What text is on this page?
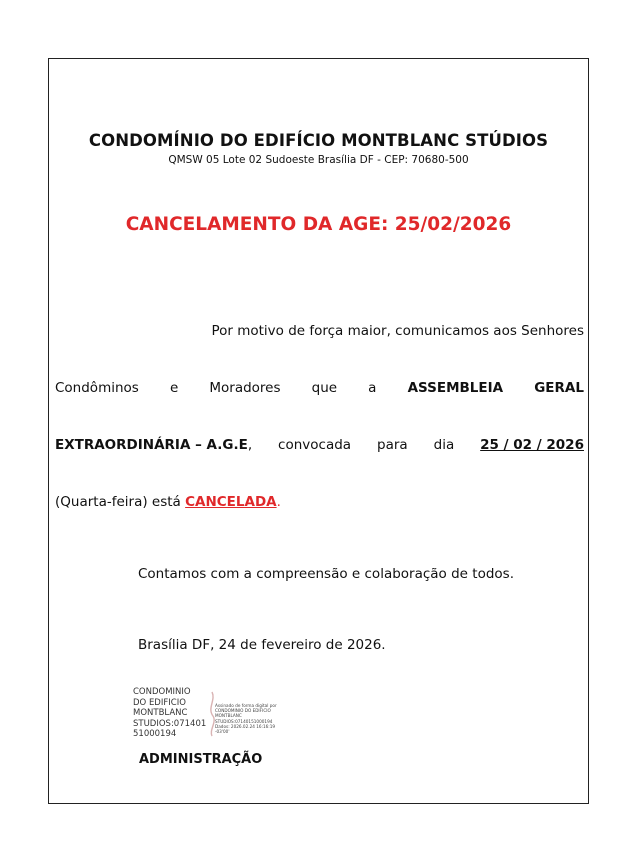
CONDOMÍNIO DO EDIFÍCIO MONTBLANC STÚDIOS
QMSW 05 Lote 02 Sudoeste Brasília DF - CEP: 70680-500
CANCELAMENTO DA AGE: 25/02/2026
Por motivo de força maior, comunicamos aos Senhores
Condôminos e Moradores que a ASSEMBLEIA GERAL
EXTRAORDINÁRIA – A.G.E, convocada para dia 25 / 02 / 2026
(Quarta-feira) está CANCELADA.
Contamos com a compreensão e colaboração de todos.
Brasília DF, 24 de fevereiro de 2026.
CONDOMINIO
DO EDIFICIO
MONTBLANC
STUDIOS:071401
51000194
Assinado de forma digital por
CONDOMINIO DO EDIFICIO
MONTBLANC
STUDIOS:07140151000194
Dados: 2026.02.24 16:16:19 -03'00'
ADMINISTRAÇÃO
